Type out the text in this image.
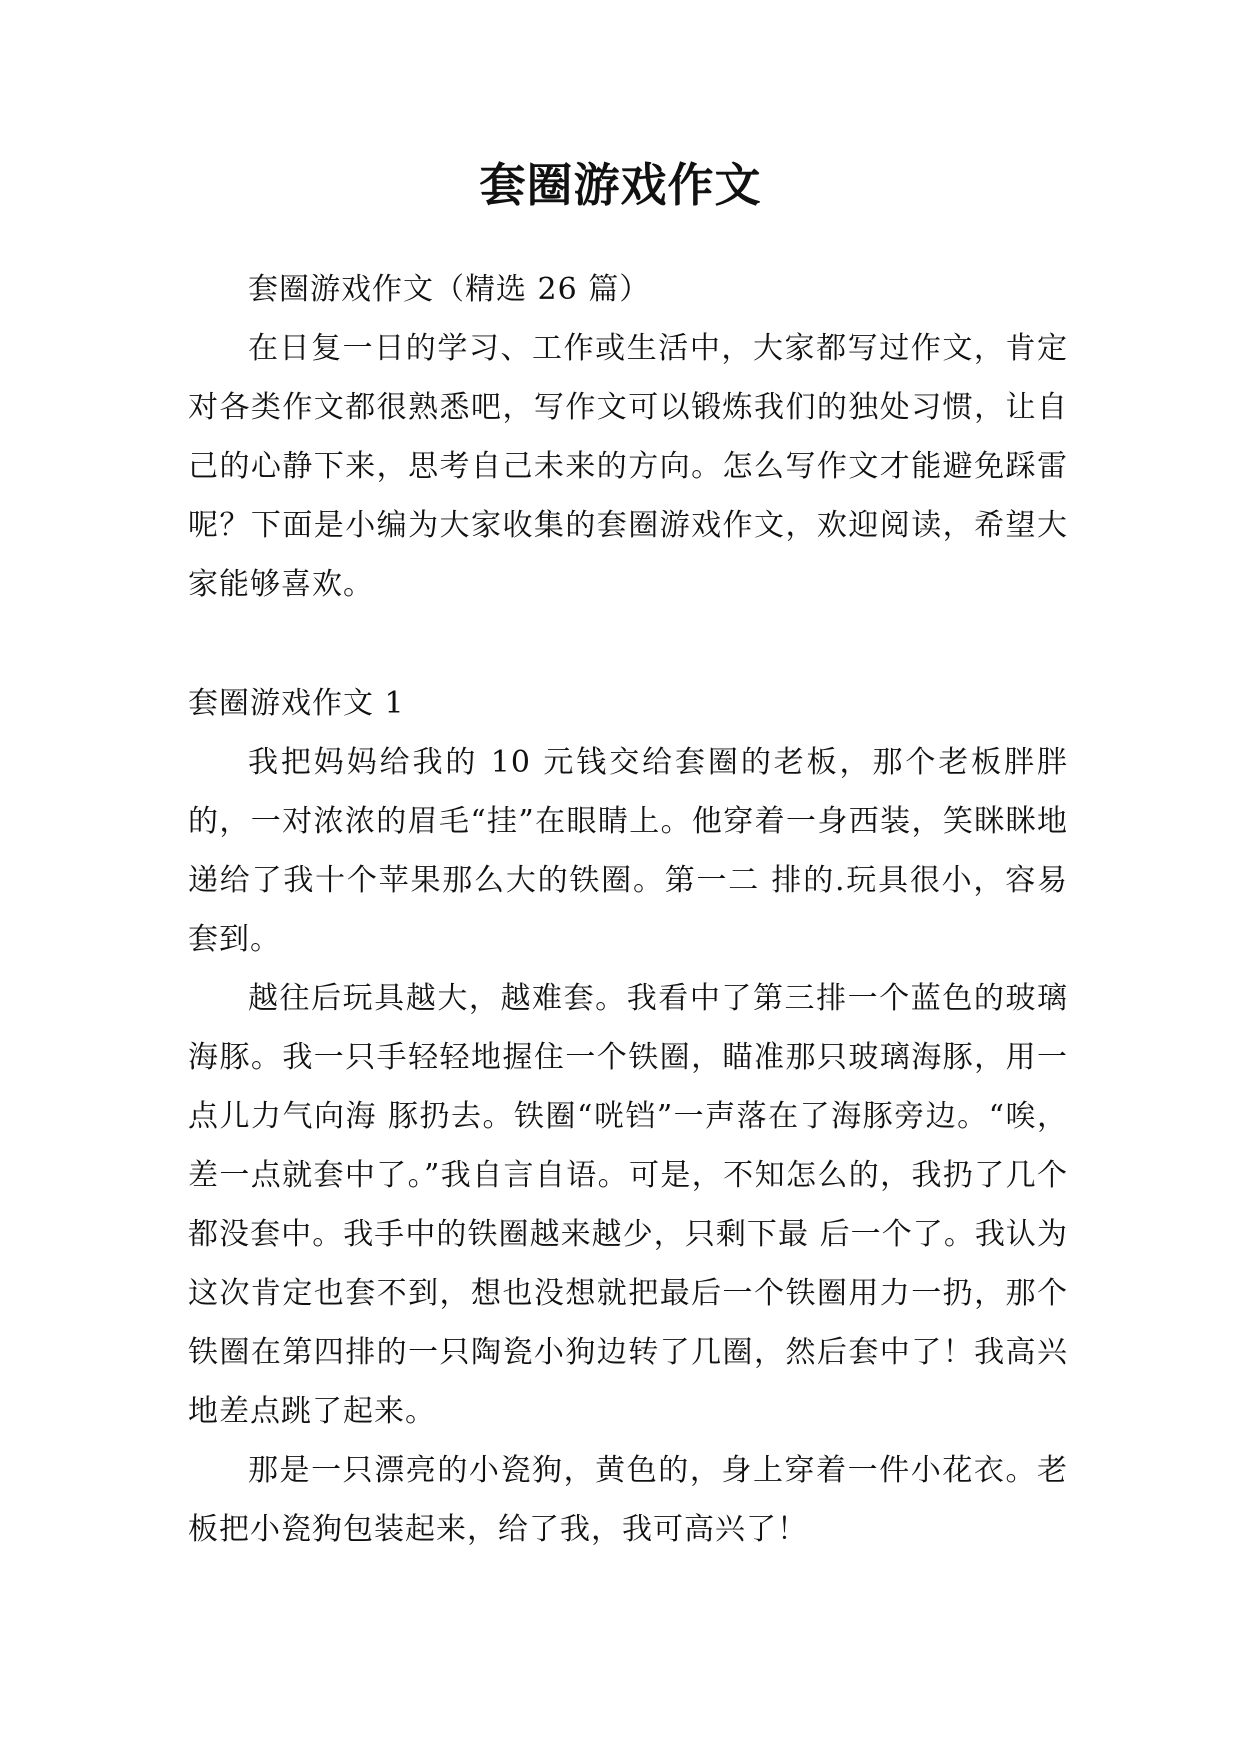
套圈游戏作文

套圈游戏作文（精选 26 篇）

在日复一日的学习、工作或生活中，大家都写过作文，肯定对各类作文都很熟悉吧，写作文可以锻炼我们的独处习惯，让自己的心静下来，思考自己未来的方向。怎么写作文才能避免踩雷呢？下面是小编为大家收集的套圈游戏作文，欢迎阅读，希望大家能够喜欢。

套圈游戏作文 1

我把妈妈给我的 10 元钱交给套圈的老板，那个老板胖胖的，一对浓浓的眉毛“挂”在眼睛上。他穿着一身西装，笑眯眯地递给了我十个苹果那么大的铁圈。第一二 排的.玩具很小，容易套到。

越往后玩具越大，越难套。我看中了第三排一个蓝色的玻璃海豚。我一只手轻轻地握住一个铁圈，瞄准那只玻璃海豚，用一点儿力气向海 豚扔去。铁圈“咣铛”一声落在了海豚旁边。“唉，差一点就套中了。”我自言自语。可是，不知怎么的，我扔了几个都没套中。我手中的铁圈越来越少，只剩下最 后一个了。我认为这次肯定也套不到，想也没想就把最后一个铁圈用力一扔，那个铁圈在第四排的一只陶瓷小狗边转了几圈，然后套中了！我高兴地差点跳了起来。

那是一只漂亮的小瓷狗，黄色的，身上穿着一件小花衣。老板把小瓷狗包装起来，给了我，我可高兴了！
